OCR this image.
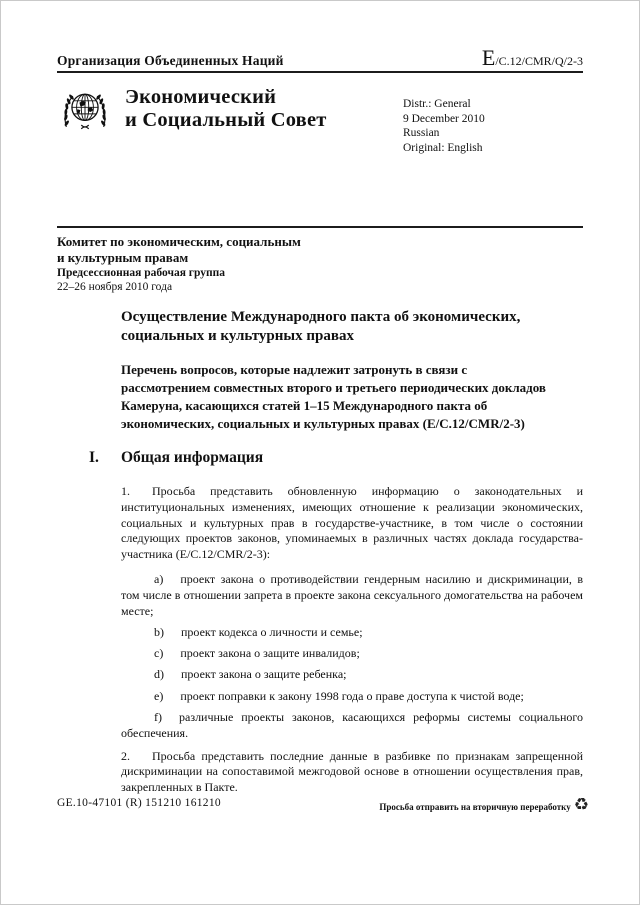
Организация Объединенных Наций	E/C.12/CMR/Q/2-3
Экономический
и Социальный Совет
Distr.: General
9 December 2010
Russian
Original: English
Комитет по экономическим, социальным
и культурным правам
Предсессионная рабочая группа
22–26 ноября 2010 года
Осуществление Международного пакта об экономических, социальных и культурных правах
Перечень вопросов, которые надлежит затронуть в связи с рассмотрением совместных второго и третьего периодических докладов Камеруна, касающихся статей 1–15 Международного пакта об экономических, социальных и культурных правах (E/C.12/CMR/2-3)
I.	Общая информация

1. Просьба представить обновленную информацию о законодательных и институциональных изменениях, имеющих отношение к реализации экономических, социальных и культурных прав в государстве-участнике, в том числе о состоянии следующих проектов законов, упоминаемых в различных частях доклада государства-участника (E/C.12/CMR/2-3):

a) проект закона о противодействии гендерным насилию и дискриминации, в том числе в отношении запрета в проекте закона сексуального домогательства на рабочем месте;

b) проект кодекса о личности и семье;

c) проект закона о защите инвалидов;

d) проект закона о защите ребенка;

e) проект поправки к закону 1998 года о праве доступа к чистой воде;

f) различные проекты законов, касающихся реформы системы социального обеспечения.

2. Просьба представить последние данные в разбивке по признакам запрещенной дискриминации на сопоставимой межгодовой основе в отношении осуществления прав, закрепленных в Пакте.

GE.10-47101 (R) 151210 161210	Просьба отправить на вторичную переработку ♻
